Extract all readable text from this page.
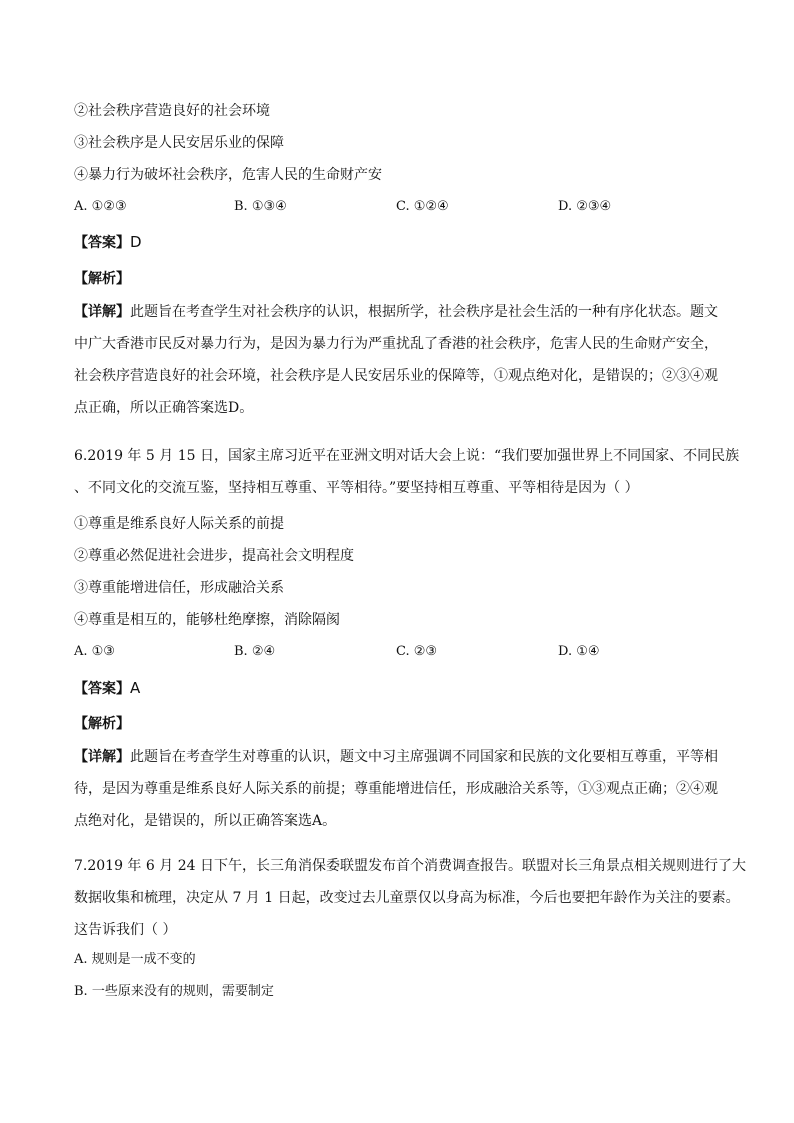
②社会秩序营造良好的社会环境
③社会秩序是人民安居乐业的保障
④暴力行为破坏社会秩序，危害人民的生命财产安
A. ①②③	B. ①③④	C. ①②④	D. ②③④
【答案】D
【解析】
【详解】此题旨在考查学生对社会秩序的认识，根据所学，社会秩序是社会生活的一种有序化状态。题文
中广大香港市民反对暴力行为，是因为暴力行为严重扰乱了香港的社会秩序，危害人民的生命财产安全，
社会秩序营造良好的社会环境，社会秩序是人民安居乐业的保障等，①观点绝对化，是错误的；②③④观
点正确，所以正确答案选D。
6.2019 年 5 月 15 日，国家主席习近平在亚洲文明对话大会上说：“我们要加强世界上不同国家、不同民族
、不同文化的交流互鉴，坚持相互尊重、平等相待。”要坚持相互尊重、平等相待是因为（ ）
①尊重是维系良好人际关系的前提
②尊重必然促进社会进步，提高社会文明程度
③尊重能增进信任，形成融洽关系
④尊重是相互的，能够杜绝摩擦，消除隔阂
A. ①③	B. ②④	C. ②③	D. ①④
【答案】A
【解析】
【详解】此题旨在考查学生对尊重的认识，题文中习主席强调不同国家和民族的文化要相互尊重，平等相
待，是因为尊重是维系良好人际关系的前提；尊重能增进信任，形成融洽关系等，①③观点正确；②④观
点绝对化，是错误的，所以正确答案选A。
7.2019 年 6 月 24 日下午，长三角消保委联盟发布首个消费调查报告。联盟对长三角景点相关规则进行了大
数据收集和梳理，决定从 7 月 1 日起，改变过去儿童票仅以身高为标准，今后也要把年龄作为关注的要素。
这告诉我们（ ）
A. 规则是一成不变的
B. 一些原来没有的规则，需要制定
